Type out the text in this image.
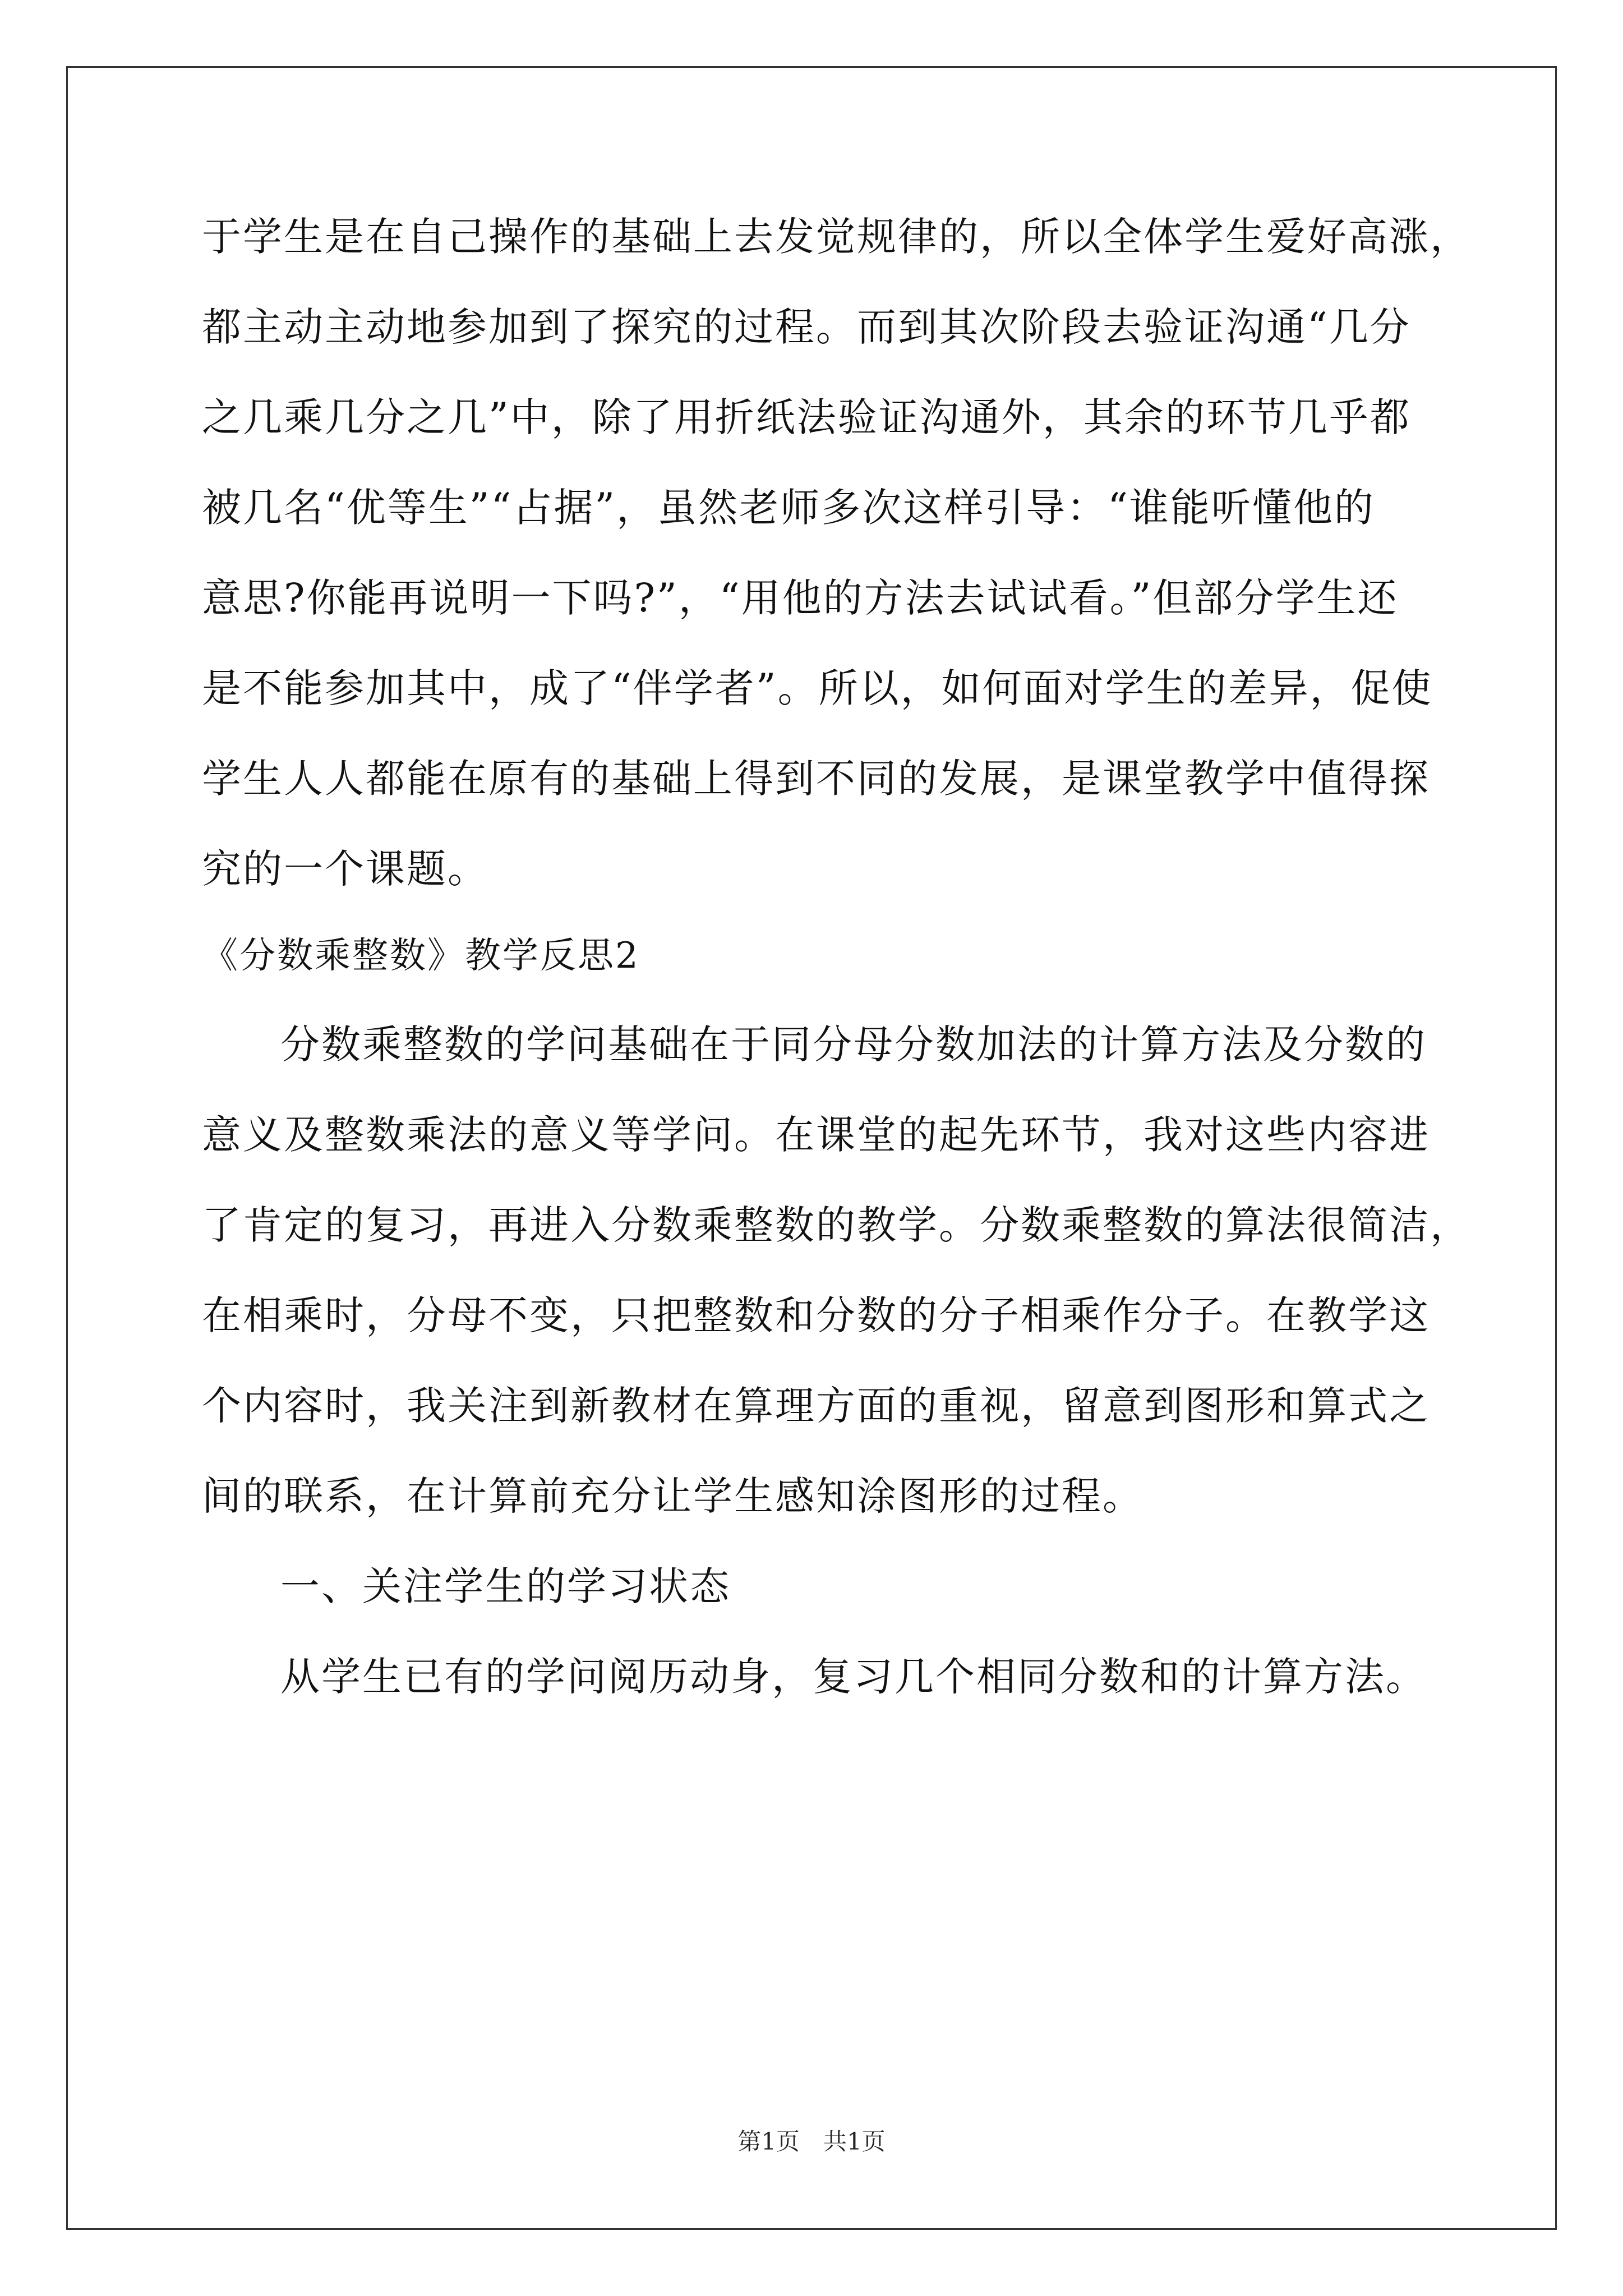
于学生是在自己操作的基础上去发觉规律的，所以全体学生爱好高涨，
都主动主动地参加到了探究的过程。而到其次阶段去验证沟通“几分
之几乘几分之几”中，除了用折纸法验证沟通外，其余的环节几乎都
被几名“优等生”“占据”，虽然老师多次这样引导：“谁能听懂他的
意思?你能再说明一下吗?”，“用他的方法去试试看。”但部分学生还
是不能参加其中，成了“伴学者”。所以，如何面对学生的差异，促使
学生人人都能在原有的基础上得到不同的发展，是课堂教学中值得探
究的一个课题。
《分数乘整数》教学反思2
分数乘整数的学问基础在于同分母分数加法的计算方法及分数的
意义及整数乘法的意义等学问。在课堂的起先环节，我对这些内容进
了肯定的复习，再进入分数乘整数的教学。分数乘整数的算法很简洁，
在相乘时，分母不变，只把整数和分数的分子相乘作分子。在教学这
个内容时，我关注到新教材在算理方面的重视，留意到图形和算式之
间的联系，在计算前充分让学生感知涂图形的过程。
一、关注学生的学习状态
从学生已有的学问阅历动身，复习几个相同分数和的计算方法。
第1页　共1页
